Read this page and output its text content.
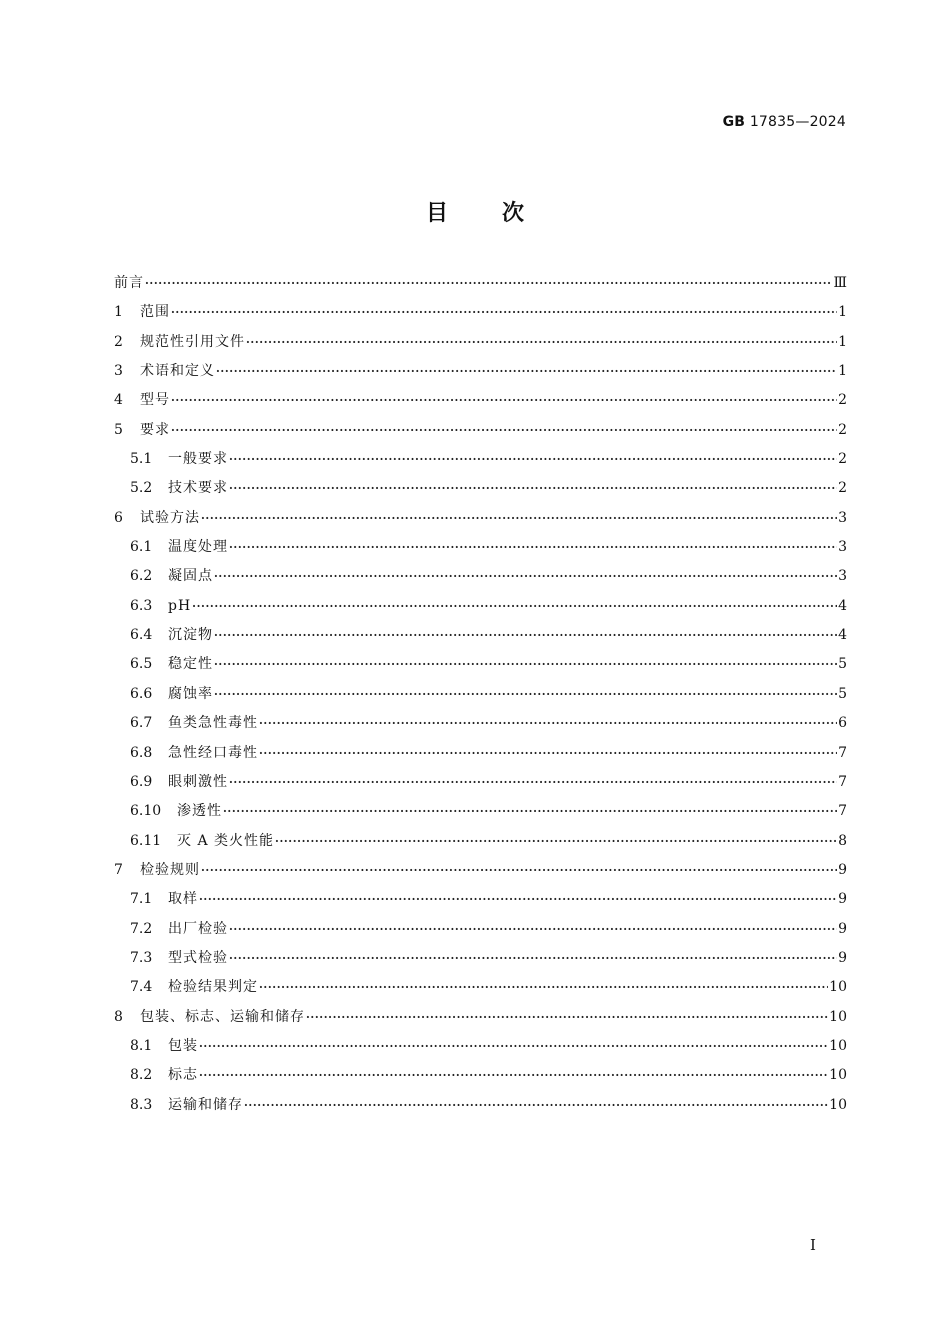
GB 17835—2024
目次
前言 ·····	Ⅲ
1	范围 ·····	1
2	规范性引用文件 ·····	1
3	术语和定义 ·····	1
4	型号 ·····	2
5	要求 ·····	2
5.1	一般要求 ·····	2
5.2	技术要求 ·····	2
6	试验方法 ·····	3
6.1	温度处理 ·····	3
6.2	凝固点 ·····	3
6.3	pH ·····	4
6.4	沉淀物 ·····	4
6.5	稳定性 ·····	5
6.6	腐蚀率 ·····	5
6.7	鱼类急性毒性 ·····	6
6.8	急性经口毒性 ·····	7
6.9	眼刺激性 ·····	7
6.10	渗透性 ·····	7
6.11	灭 A 类火性能 ·····	8
7	检验规则 ·····	9
7.1	取样 ·····	9
7.2	出厂检验 ·····	9
7.3	型式检验 ·····	9
7.4	检验结果判定 ·····	10
8	包装、标志、运输和储存 ·····	10
8.1	包装 ·····	10
8.2	标志 ·····	10
8.3	运输和储存 ·····	10
I
